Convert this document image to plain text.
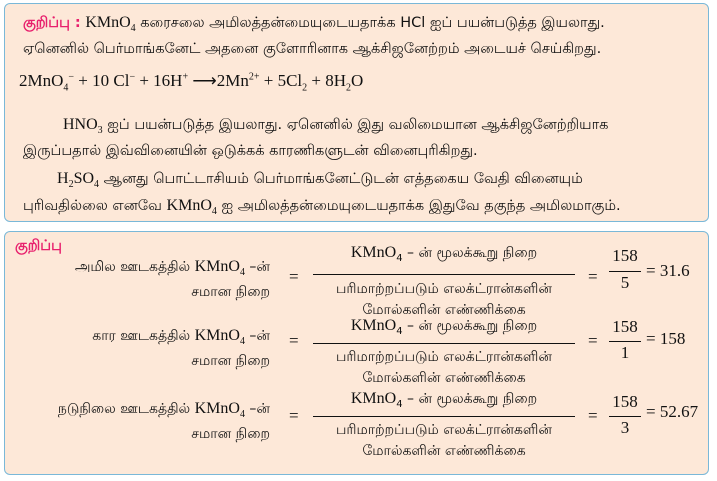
குறிப்பு : KMnO$_4$ கரைசலை அமிலத்தன்மையுடையதாக்க HCl ஐப் பயன்படுத்த இயலாது.
ஏனெனில் பெர்மாங்கனேட் அதனை குளோரினாக ஆக்சிஜனேற்றம் அடையச் செய்கிறது.
2MnO$_4$− + 10 Cl− + 16H+ $⟶2Mn^{2+} + 5Cl_2 + 8H_2O$
$HNO_3$ ஐப் பயன்படுத்த இயலாது. ஏனெனில் இது வலிமையான ஆக்சிஜனேற்றியாக
இருப்பதால் இவ்வினையின் ஒடுக்கக் காரணிகளுடன் வினைபுரிகிறது.
$H_2SO_4$ ஆனது பொட்டாசியம் பெர்மாங்கனேட்டுடன் எத்தகைய வேதி வினையும்
புரிவதில்லை எனவே KMnO$_4$ ஐ அமிலத்தன்மையுடையதாக்க இதுவே தகுந்த அமிலமாகும்.
குறிப்பு
அமில ஊடகத்தில் KMnO$_4$ –ன்
சமான நிறை
=
KMnO$_4$ – ன் மூலக்கூறு நிறை
பரிமாற்றப்படும் எலக்ட்ரான்களின்
மோல்களின் எண்ணிக்கை
=
158
5
= 31.6
கார ஊடகத்தில் KMnO$_4$ –ன்
சமான நிறை
=
KMnO$_4$ – ன் மூலக்கூறு நிறை
பரிமாற்றப்படும் எலக்ட்ரான்களின்
மோல்களின் எண்ணிக்கை
=
158
1
= 158
நடுநிலை ஊடகத்தில் KMnO$_4$ –ன்
சமான நிறை
=
KMnO$_4$ – ன் மூலக்கூறு நிறை
பரிமாற்றப்படும் எலக்ட்ரான்களின்
மோல்களின் எண்ணிக்கை
=
158
3
= 52.67
